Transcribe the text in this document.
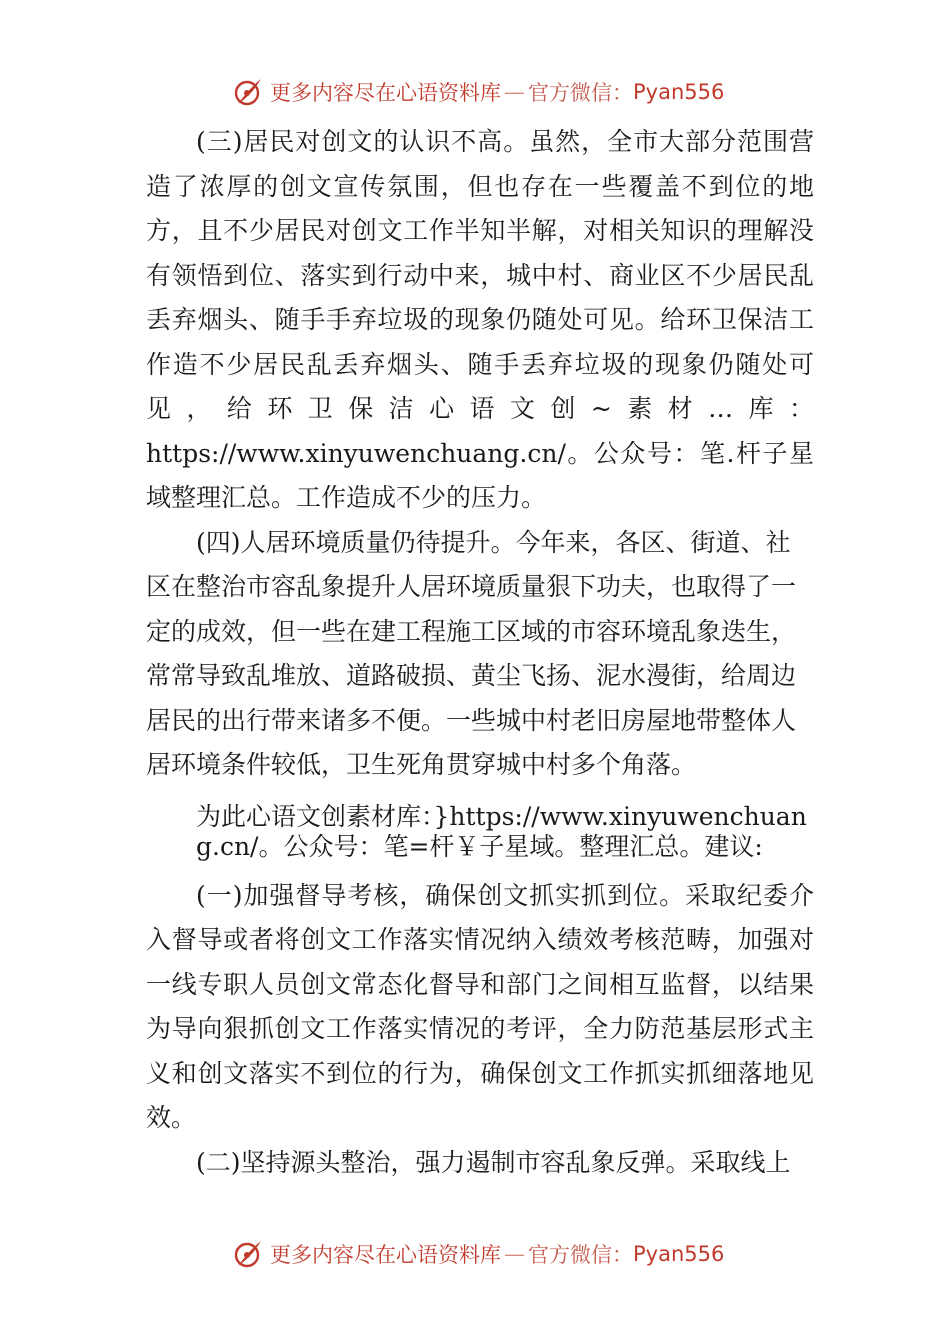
更多内容尽在心语资料库 — 官方微信： Pyan556

(三)居民对创文的认识不高。虽然，全市大部分范围营造了浓厚的创文宣传氛围，但也存在一些覆盖不到位的地　方，且不少居民对创文工作半知半解，对相关知识的理解没有领悟到位、落实到行动中来，城中村、商业区不少居民乱丢弃烟头、随手手弃垃圾的现象仍随处可见。给环卫保洁工作造不少居民乱丢弃烟头、随手丢弃垃圾的现象仍随处可　见，给环卫保洁心语文创~素材…库：https://www.xinyuwenchuang.cn/。公众号：笔.杆子星域整理汇总。工作造成不少的压力。

(四)人居环境质量仍待提升。今年来，各区、街道、社区在整治市容乱象提升人居环境质量狠下功夫，也取得了一定的成效，但一些在建工程施工区域的市容环境乱象迭生，　常常导致乱堆放、道路破损、黄尘飞扬、泥水漫街，给周边居民的出行带来诸多不便。一些城中村老旧房屋地带整体人居环境条件较低，卫生死角贯穿城中村多个角落。

为此心语文创素材库：}https://www.xinyuwenchuang.cn/。公众号：笔=杆￥子星域。整理汇总。建议:

(一)加强督导考核，确保创文抓实抓到位。采取纪委介入督导或者将创文工作落实情况纳入绩效考核范畴，加强对一线专职人员创文常态化督导和部门之间相互监督，以结果为导向狠抓创文工作落实情况的考评，全力防范基层形式主义和创文落实不到位的行为，确保创文工作抓实抓细落地见效。

(二)坚持源头整治，强力遏制市容乱象反弹。采取线上

更多内容尽在心语资料库 — 官方微信： Pyan556
